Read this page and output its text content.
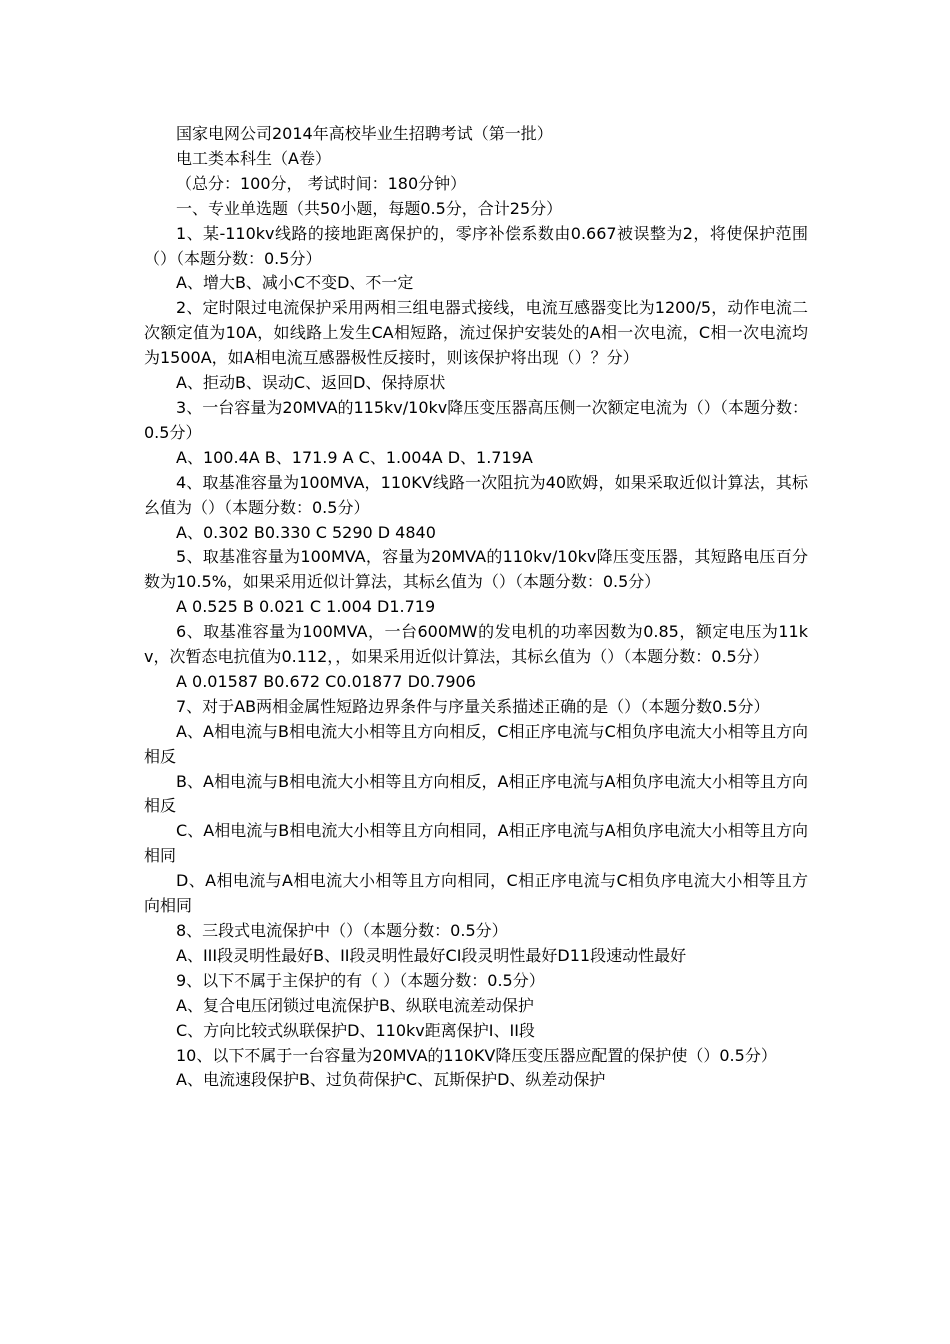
国家电网公司2014年高校毕业生招聘考试（第一批）

电工类本科生（A卷）

（总分：100分， 考试时间：180分钟）

一、专业单选题（共50小题，每题0.5分，合计25分）

1、某-110kv线路的接地距离保护的，零序补偿系数由0.667被误整为2，将使保护范围（）（本题分数：0.5分）

A、增大B、减小C不变D、不一定

2、定时限过电流保护采用两相三组电器式接线，电流互感器变比为1200/5，动作电流二次额定值为10A，如线路上发生CA相短路，流过保护安装处的A相一次电流，C相一次电流均为1500A，如A相电流互感器极性反接时，则该保护将出现（）？分）

A、拒动B、误动C、返回D、保持原状

3、一台容量为20MVA的115kv/10kv降压变压器高压侧一次额定电流为（）（本题分数：0.5分）

A、100.4A B、171.9 A C、1.004A D、1.719A

4、取基准容量为100MVA，110KV线路一次阻抗为40欧姆，如果采取近似计算法，其标幺值为（）（本题分数：0.5分）

A、0.302 B0.330 C 5290 D 4840

5、取基准容量为100MVA，容量为20MVA的110kv/10kv降压变压器，其短路电压百分数为10.5%，如果采用近似计算法，其标幺值为（）（本题分数：0.5分）

A 0.525 B 0.021 C 1.004 D1.719

6、取基准容量为100MVA，一台600MW的发电机的功率因数为0.85，额定电压为11kv，次暂态电抗值为0.112，，如果采用近似计算法，其标幺值为（）（本题分数：0.5分）

A 0.01587 B0.672 C0.01877 D0.7906

7、对于AB两相金属性短路边界条件与序量关系描述正确的是（）（本题分数0.5分）

A、A相电流与B相电流大小相等且方向相反，C相正序电流与C相负序电流大小相等且方向相反

B、A相电流与B相电流大小相等且方向相反，A相正序电流与A相负序电流大小相等且方向相反

C、A相电流与B相电流大小相等且方向相同，A相正序电流与A相负序电流大小相等且方向相同

D、A相电流与A相电流大小相等且方向相同，C相正序电流与C相负序电流大小相等且方向相同

8、三段式电流保护中（）（本题分数：0.5分）

A、III段灵明性最好B、II段灵明性最好CI段灵明性最好D11段速动性最好

9、以下不属于主保护的有（ ）（本题分数：0.5分）

A、复合电压闭锁过电流保护B、纵联电流差动保护

C、方向比较式纵联保护D、110kv距离保护I、II段

10、以下不属于一台容量为20MVA的110KV降压变压器应配置的保护使（）0.5分）

A、电流速段保护B、过负荷保护C、瓦斯保护D、纵差动保护
